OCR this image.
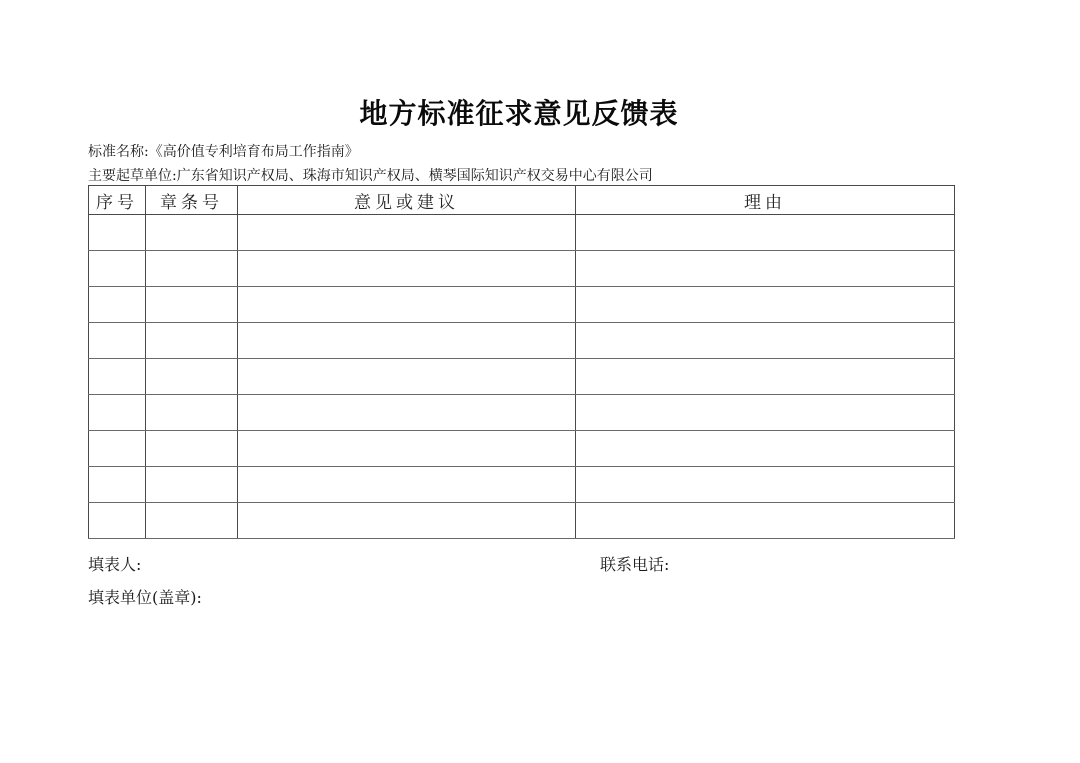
地方标准征求意见反馈表
标准名称:《高价值专利培育布局工作指南》
主要起草单位:广东省知识产权局、珠海市知识产权局、横琴国际知识产权交易中心有限公司
序号	章条号	意见或建议	理由

填表人:	联系电话:
填表单位(盖章):
